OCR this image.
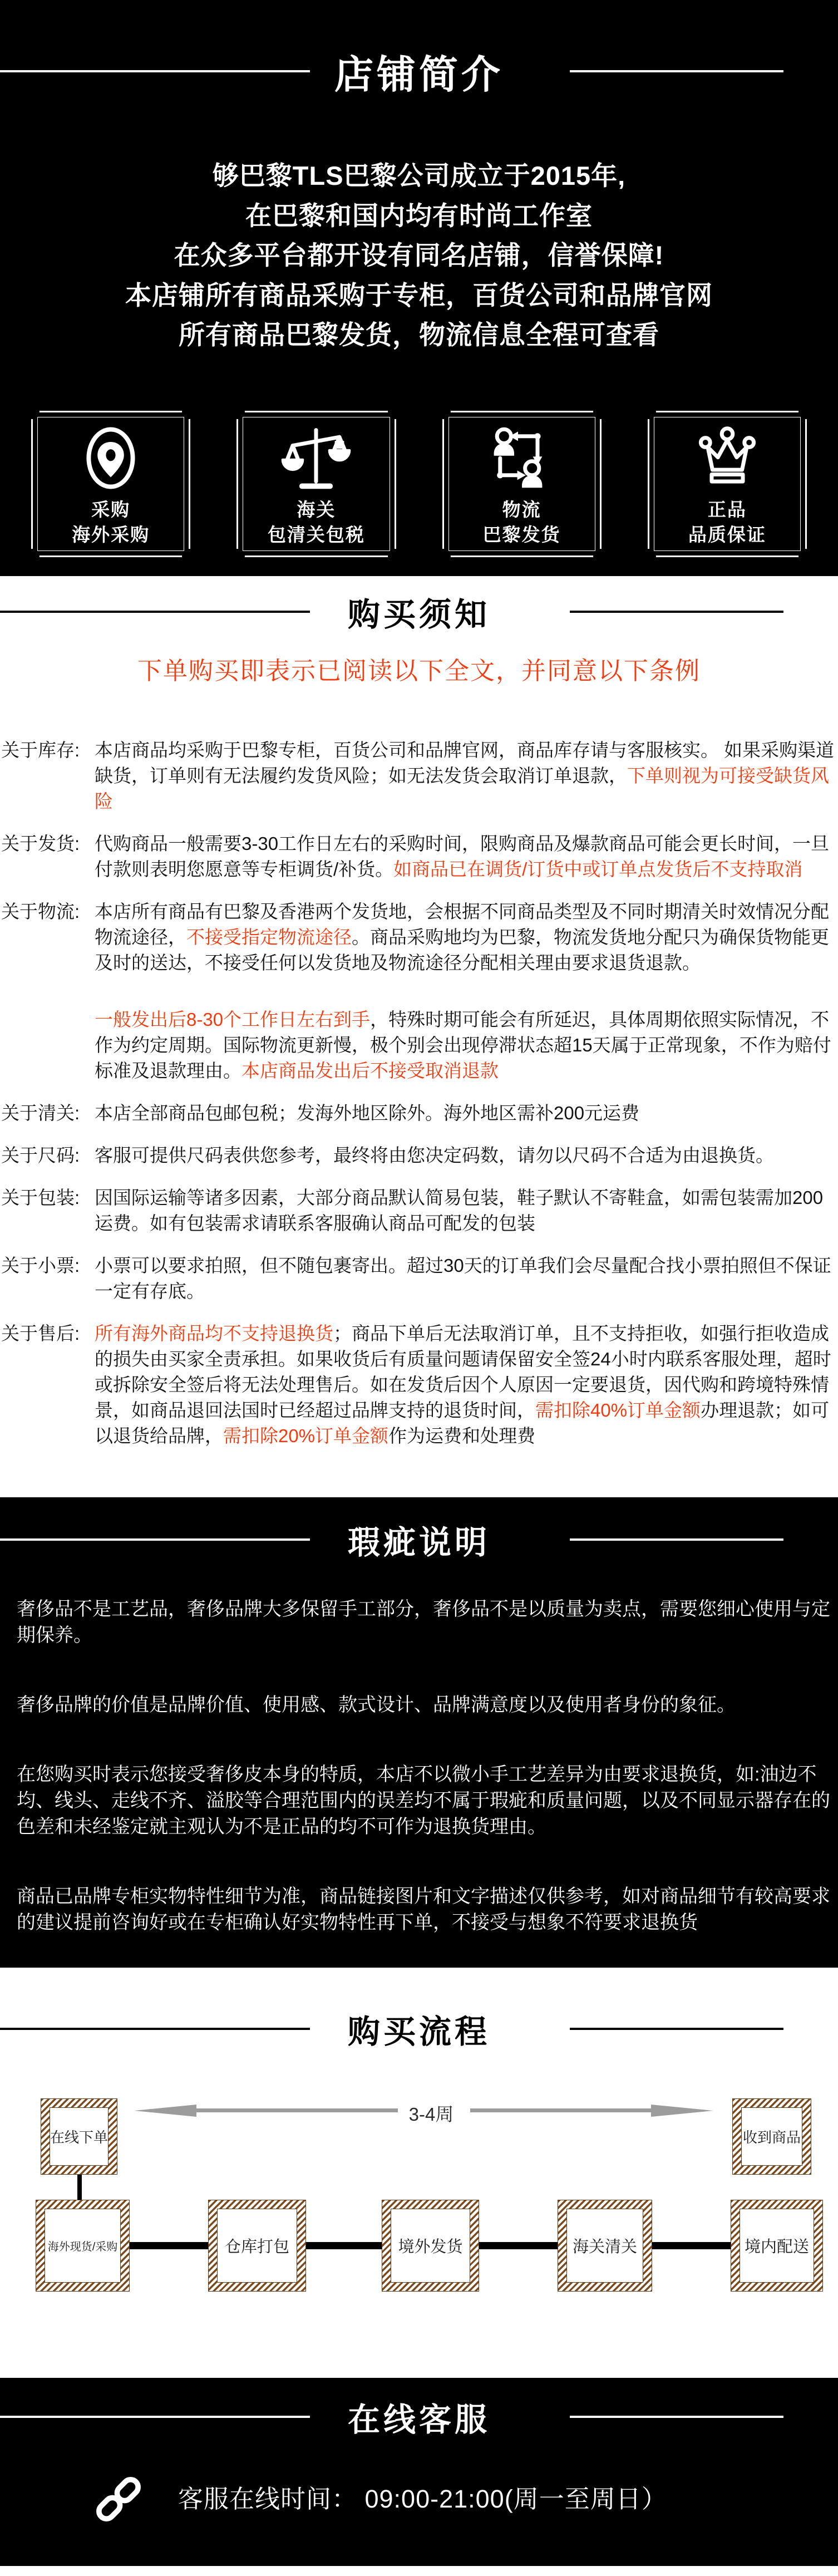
店铺简介
够巴黎TLS巴黎公司成立于2015年,
在巴黎和国内均有时尚工作室
在众多平台都开设有同名店铺，信誉保障!
本店铺所有商品采购于专柜，百货公司和品牌官网
所有商品巴黎发货，物流信息全程可查看
采购
海外采购
海关
包清关包税
物流
巴黎发货
正品
品质保证
购买须知
下单购买即表示已阅读以下全文，并同意以下条例
关于库存: 本店商品均采购于巴黎专柜，百货公司和品牌官网，商品库存请与客服核实。 如果采购渠道缺货，订单则有无法履约发货风险；如无法发货会取消订单退款，下单则视为可接受缺货风险

关于发货: 代购商品一般需要3-30工作日左右的采购时间，限购商品及爆款商品可能会更长时间，一旦付款则表明您愿意等专柜调货/补货。如商品已在调货/订货中或订单点发货后不支持取消

关于物流: 本店所有商品有巴黎及香港两个发货地，会根据不同商品类型及不同时期清关时效情况分配物流途径，不接受指定物流途径。商品采购地均为巴黎，物流发货地分配只为确保货物能更及时的送达，不接受任何以发货地及物流途径分配相关理由要求退货退款。

一般发出后8-30个工作日左右到手，特殊时期可能会有所延迟，具体周期依照实际情况，不作为约定周期。国际物流更新慢，极个别会出现停滞状态超15天属于正常现象，不作为赔付标准及退款理由。本店商品发出后不接受取消退款

关于清关: 本店全部商品包邮包税；发海外地区除外。海外地区需补200元运费

关于尺码: 客服可提供尺码表供您参考，最终将由您决定码数，请勿以尺码不合适为由退换货。

关于包装: 因国际运输等诸多因素，大部分商品默认简易包装，鞋子默认不寄鞋盒，如需包装需加200运费。如有包装需求请联系客服确认商品可配发的包装

关于小票: 小票可以要求拍照，但不随包裹寄出。超过30天的订单我们会尽量配合找小票拍照但不保证一定有存底。

关于售后: 所有海外商品均不支持退换货；商品下单后无法取消订单，且不支持拒收，如强行拒收造成的损失由买家全责承担。如果收货后有质量问题请保留安全签24小时内联系客服处理，超时或拆除安全签后将无法处理售后。如在发货后因个人原因一定要退货，因代购和跨境特殊情景，如商品退回法国时已经超过品牌支持的退货时间，需扣除40%订单金额办理退款；如可以退货给品牌，需扣除20%订单金额作为运费和处理费

瑕疵说明

奢侈品不是工艺品，奢侈品牌大多保留手工部分，奢侈品不是以质量为卖点，需要您细心使用与定期保养。

奢侈品牌的价值是品牌价值、使用感、款式设计、品牌满意度以及使用者身份的象征。

在您购买时表示您接受奢侈皮本身的特质，本店不以微小手工艺差异为由要求退换货，如:油边不均、线头、走线不齐、溢胶等合理范围内的误差均不属于瑕疵和质量问题，以及不同显示器存在的色差和未经鉴定就主观认为不是正品的均不可作为退换货理由。

商品已品牌专柜实物特性细节为准，商品链接图片和文字描述仅供参考，如对商品细节有较高要求的建议提前咨询好或在专柜确认好实物特性再下单，不接受与想象不符要求退换货

购买流程
在线下单	收到商品
3-4周
海外现货/采购	仓库打包	境外发货	海关清关	境内配送
在线客服
客服在线时间： 09:00-21:00(周一至周日）
